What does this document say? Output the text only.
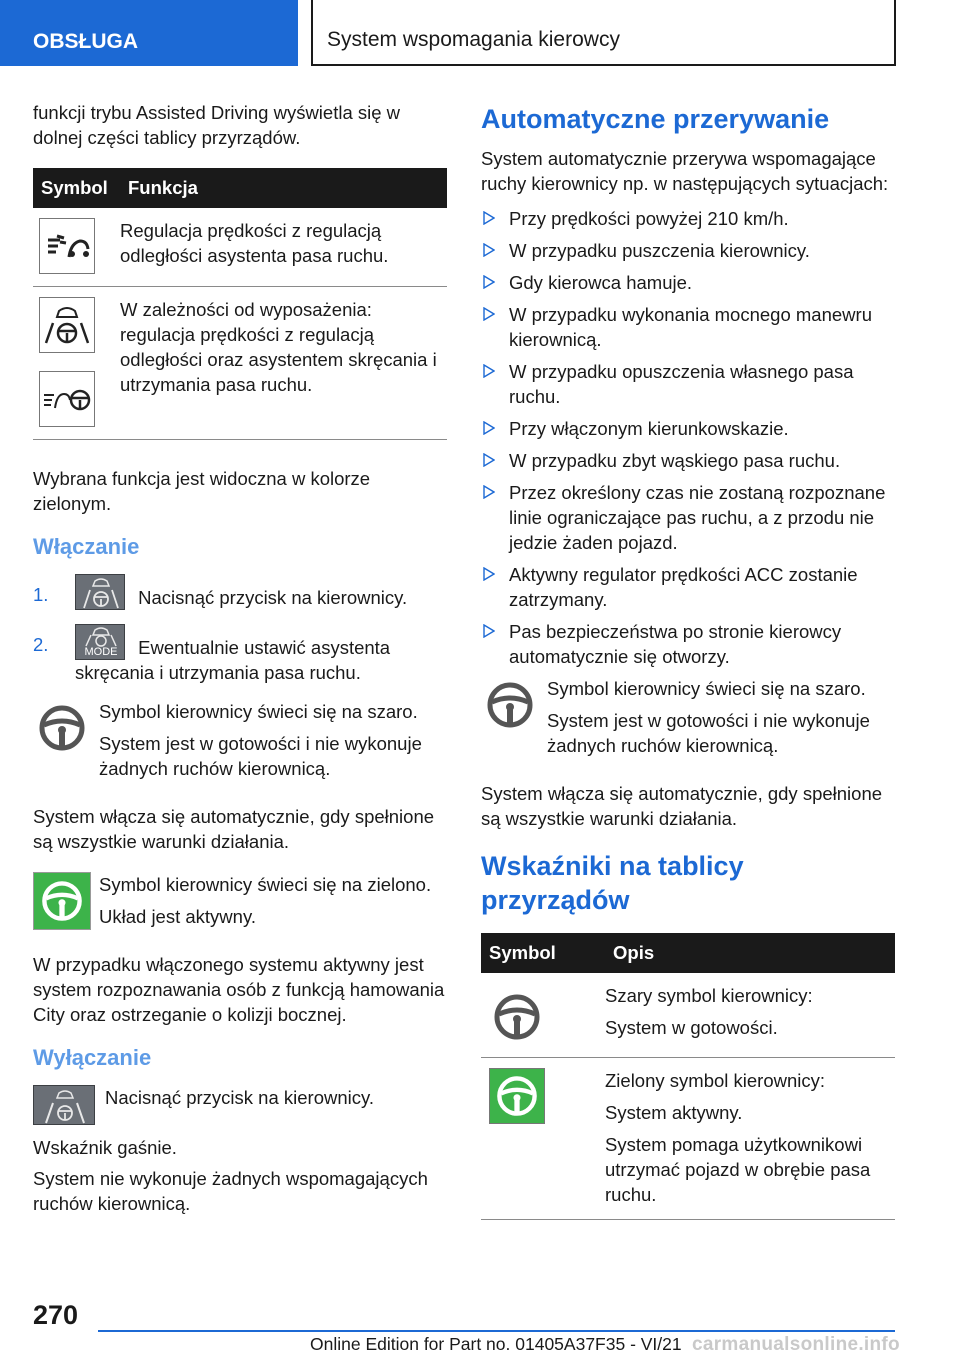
OBSŁUGA	System wspomagania kierowcy

funkcji trybu Assisted Driving wyświetla się w dolnej części tablicy przyrządów.

Symbol	Funkcja

	Regulacja prędkości z regulacją odległości asystenta pasa ruchu.

	W zależności od wyposażenia: regulacja prędkości z regulacją odległości oraz asystentem skręcania i utrzymania pasa ruchu.

Wybrana funkcja jest widoczna w kolorze zielonym.

Włączanie
1.	Nacisnąć przycisk na kierownicy.
2.	MODE	Ewentualnie ustawić asystenta skręcania i utrzymania pasa ruchu.

Symbol kierownicy świeci się na szaro.

System jest w gotowości i nie wykonuje żadnych ruchów kierownicą.

System włącza się automatycznie, gdy spełnione są wszystkie warunki działania.

Symbol kierownicy świeci się na zielono.

Układ jest aktywny.

W przypadku włączonego systemu aktywny jest system rozpoznawania osób z funkcją hamowania City oraz ostrzeganie o kolizji bocznej.

Wyłączanie
Nacisnąć przycisk na kierownicy.

Wskaźnik gaśnie.

System nie wykonuje żadnych wspomagających ruchów kierownicą.

Automatyczne przerywanie

System automatycznie przerywa wspomagające ruchy kierownicy np. w następujących sytuacjach:

Przy prędkości powyżej 210 km/h.
W przypadku puszczenia kierownicy.
Gdy kierowca hamuje.
W przypadku wykonania mocnego manewru kierownicą.
W przypadku opuszczenia własnego pasa ruchu.
Przy włączonym kierunkowskazie.
W przypadku zbyt wąskiego pasa ruchu.
Przez określony czas nie zostaną rozpoznane linie ograniczające pas ruchu, a z przodu nie jedzie żaden pojazd.
Aktywny regulator prędkości ACC zostanie zatrzymany.
Pas bezpieczeństwa po stronie kierowcy automatycznie się otworzy.

Symbol kierownicy świeci się na szaro.

System jest w gotowości i nie wykonuje żadnych ruchów kierownicą.

System włącza się automatycznie, gdy spełnione są wszystkie warunki działania.

Wskaźniki na tablicy przyrządów
Symbol	Opis

Szary symbol kierownicy:

System w gotowości.

Zielony symbol kierownicy:

System aktywny.

System pomaga użytkownikowi utrzymać pojazd w obrębie pasa ruchu.

270
Online Edition for Part no. 01405A37F35 - VI/21 carmanualsonline.info
